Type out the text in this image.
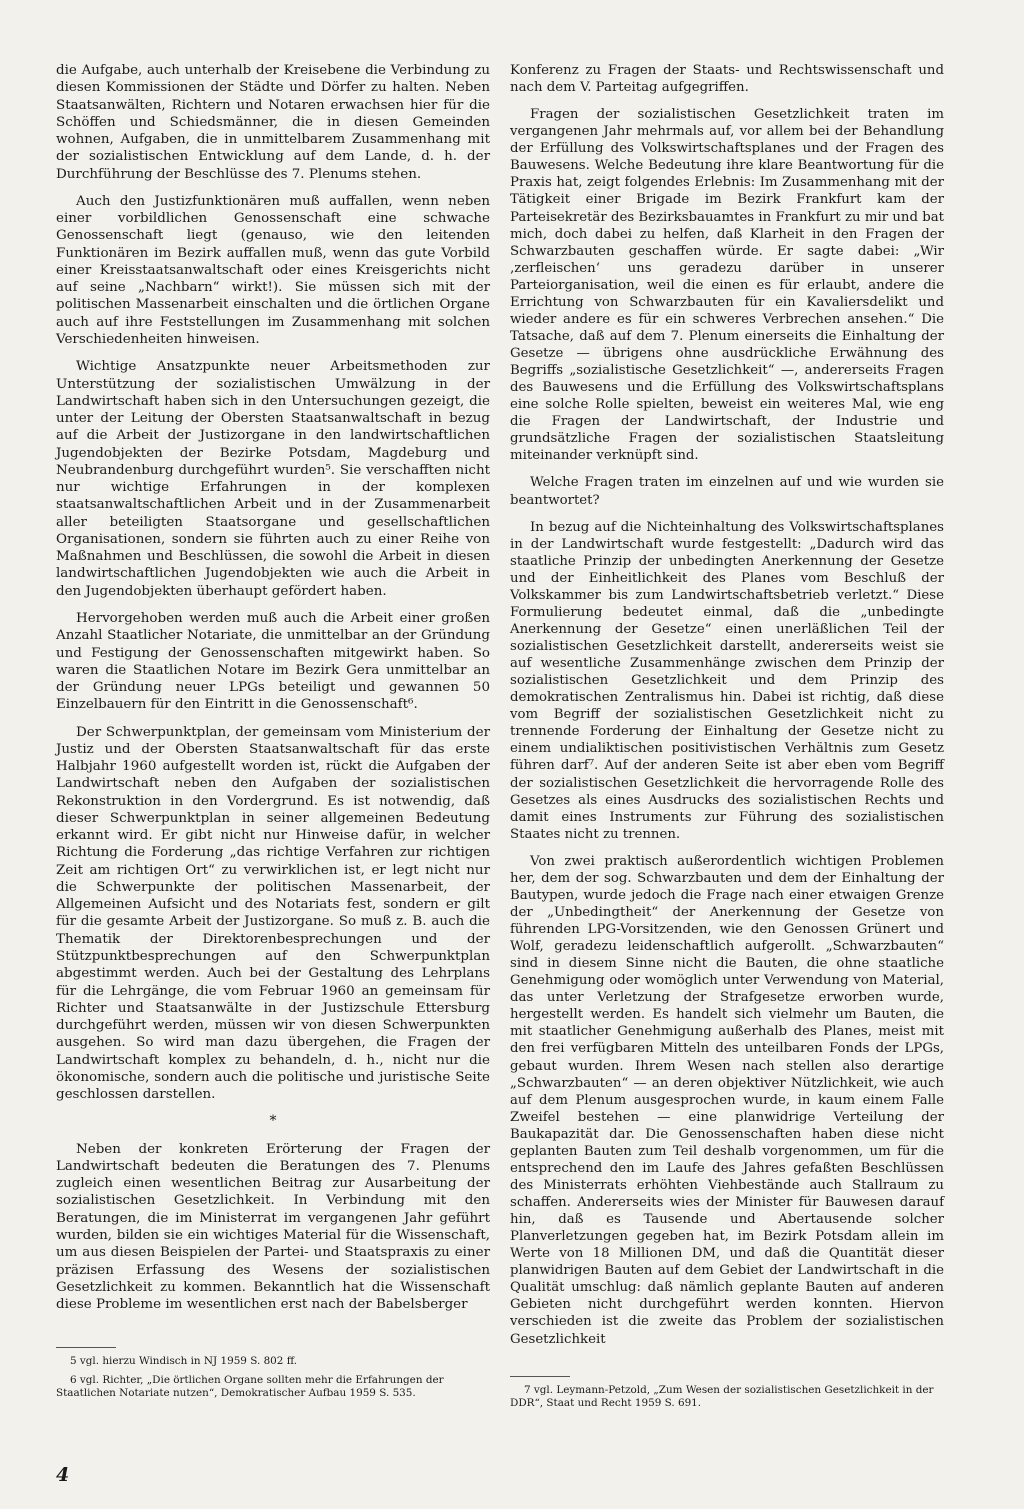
die Aufgabe, auch unterhalb der Kreisebene die Verbindung zu diesen Kommissionen der Städte und Dörfer zu halten. Neben Staatsanwälten, Richtern und Notaren erwachsen hier für die Schöffen und Schiedsmänner, die in diesen Gemeinden wohnen, Aufgaben, die in unmittelbarem Zusammenhang mit der sozialistischen Entwicklung auf dem Lande, d. h. der Durchführung der Beschlüsse des 7. Plenums stehen.

Auch den Justizfunktionären muß auffallen, wenn neben einer vorbildlichen Genossenschaft eine schwache Genossenschaft liegt (genauso, wie den leitenden Funktionären im Bezirk auffallen muß, wenn das gute Vorbild einer Kreisstaatsanwaltschaft oder eines Kreisgerichts nicht auf seine „Nachbarn“ wirkt!). Sie müssen sich mit der politischen Massenarbeit einschalten und die örtlichen Organe auch auf ihre Feststellungen im Zusammenhang mit solchen Verschiedenheiten hinweisen.

Wichtige Ansatzpunkte neuer Arbeitsmethoden zur Unterstützung der sozialistischen Umwälzung in der Landwirtschaft haben sich in den Untersuchungen gezeigt, die unter der Leitung der Obersten Staatsanwaltschaft in bezug auf die Arbeit der Justizorgane in den landwirtschaftlichen Jugendobjekten der Bezirke Potsdam, Magdeburg und Neubrandenburg durchgeführt wurden⁵. Sie verschafften nicht nur wichtige Erfahrungen in der komplexen staatsanwaltschaftlichen Arbeit und in der Zusammenarbeit aller beteiligten Staatsorgane und gesellschaftlichen Organisationen, sondern sie führten auch zu einer Reihe von Maßnahmen und Beschlüssen, die sowohl die Arbeit in diesen landwirtschaftlichen Jugendobjekten wie auch die Arbeit in den Jugendobjekten überhaupt gefördert haben.

Hervorgehoben werden muß auch die Arbeit einer großen Anzahl Staatlicher Notariate, die unmittelbar an der Gründung und Festigung der Genossenschaften mitgewirkt haben. So waren die Staatlichen Notare im Bezirk Gera unmittelbar an der Gründung neuer LPGs beteiligt und gewannen 50 Einzelbauern für den Eintritt in die Genossenschaft⁶.

Der Schwerpunktplan, der gemeinsam vom Ministerium der Justiz und der Obersten Staatsanwaltschaft für das erste Halbjahr 1960 aufgestellt worden ist, rückt die Aufgaben der Landwirtschaft neben den Aufgaben der sozialistischen Rekonstruktion in den Vordergrund. Es ist notwendig, daß dieser Schwerpunktplan in seiner allgemeinen Bedeutung erkannt wird. Er gibt nicht nur Hinweise dafür, in welcher Richtung die Forderung „das richtige Verfahren zur richtigen Zeit am richtigen Ort“ zu verwirklichen ist, er legt nicht nur die Schwerpunkte der politischen Massenarbeit, der Allgemeinen Aufsicht und des Notariats fest, sondern er gilt für die gesamte Arbeit der Justizorgane. So muß z. B. auch die Thematik der Direktorenbesprechungen und der Stützpunktbesprechungen auf den Schwerpunktplan abgestimmt werden. Auch bei der Gestaltung des Lehrplans für die Lehrgänge, die vom Februar 1960 an gemeinsam für Richter und Staatsanwälte in der Justizschule Ettersburg durchgeführt werden, müssen wir von diesen Schwerpunkten ausgehen. So wird man dazu übergehen, die Fragen der Landwirtschaft komplex zu behandeln, d. h., nicht nur die ökonomische, sondern auch die politische und juristische Seite geschlossen darstellen.

*

Neben der konkreten Erörterung der Fragen der Landwirtschaft bedeuten die Beratungen des 7. Plenums zugleich einen wesentlichen Beitrag zur Ausarbeitung der sozialistischen Gesetzlichkeit. In Verbindung mit den Beratungen, die im Ministerrat im vergangenen Jahr geführt wurden, bilden sie ein wichtiges Material für die Wissenschaft, um aus diesen Beispielen der Partei- und Staatspraxis zu einer präzisen Erfassung des Wesens der sozialistischen Gesetzlichkeit zu kommen. Bekanntlich hat die Wissenschaft diese Probleme im wesentlichen erst nach der Babelsberger

Konferenz zu Fragen der Staats- und Rechtswissenschaft und nach dem V. Parteitag aufgegriffen.

Fragen der sozialistischen Gesetzlichkeit traten im vergangenen Jahr mehrmals auf, vor allem bei der Behandlung der Erfüllung des Volkswirtschaftsplanes und der Fragen des Bauwesens. Welche Bedeutung ihre klare Beantwortung für die Praxis hat, zeigt folgendes Erlebnis: Im Zusammenhang mit der Tätigkeit einer Brigade im Bezirk Frankfurt kam der Parteisekretär des Bezirksbauamtes in Frankfurt zu mir und bat mich, doch dabei zu helfen, daß Klarheit in den Fragen der Schwarzbauten geschaffen würde. Er sagte dabei: „Wir ‚zerfleischen‘ uns geradezu darüber in unserer Parteiorganisation, weil die einen es für erlaubt, andere die Errichtung von Schwarzbauten für ein Kavaliersdelikt und wieder andere es für ein schweres Verbrechen ansehen.“ Die Tatsache, daß auf dem 7. Plenum einerseits die Einhaltung der Gesetze — übrigens ohne ausdrückliche Erwähnung des Begriffs „sozialistische Gesetzlichkeit“ —, andererseits Fragen des Bauwesens und die Erfüllung des Volkswirtschaftsplans eine solche Rolle spielten, beweist ein weiteres Mal, wie eng die Fragen der Landwirtschaft, der Industrie und grundsätzliche Fragen der sozialistischen Staatsleitung miteinander verknüpft sind.

Welche Fragen traten im einzelnen auf und wie wurden sie beantwortet?

In bezug auf die Nichteinhaltung des Volkswirtschaftsplanes in der Landwirtschaft wurde festgestellt: „Dadurch wird das staatliche Prinzip der unbedingten Anerkennung der Gesetze und der Einheitlichkeit des Planes vom Beschluß der Volkskammer bis zum Landwirtschaftsbetrieb verletzt.“ Diese Formulierung bedeutet einmal, daß die „unbedingte Anerkennung der Gesetze“ einen unerläßlichen Teil der sozialistischen Gesetzlichkeit darstellt, andererseits weist sie auf wesentliche Zusammenhänge zwischen dem Prinzip der sozialistischen Gesetzlichkeit und dem Prinzip des demokratischen Zentralismus hin. Dabei ist richtig, daß diese vom Begriff der sozialistischen Gesetzlichkeit nicht zu trennende Forderung der Einhaltung der Gesetze nicht zu einem undialiktischen positivistischen Verhältnis zum Gesetz führen darf⁷. Auf der anderen Seite ist aber eben vom Begriff der sozialistischen Gesetzlichkeit die hervorragende Rolle des Gesetzes als eines Ausdrucks des sozialistischen Rechts und damit eines Instruments zur Führung des sozialistischen Staates nicht zu trennen.

Von zwei praktisch außerordentlich wichtigen Problemen her, dem der sog. Schwarzbauten und dem der Einhaltung der Bautypen, wurde jedoch die Frage nach einer etwaigen Grenze der „Unbedingtheit“ der Anerkennung der Gesetze von führenden LPG-Vorsitzenden, wie den Genossen Grünert und Wolf, geradezu leidenschaftlich aufgerollt. „Schwarzbauten“ sind in diesem Sinne nicht die Bauten, die ohne staatliche Genehmigung oder womöglich unter Verwendung von Material, das unter Verletzung der Strafgesetze erworben wurde, hergestellt werden. Es handelt sich vielmehr um Bauten, die mit staatlicher Genehmigung außerhalb des Planes, meist mit den frei verfügbaren Mitteln des unteilbaren Fonds der LPGs, gebaut wurden. Ihrem Wesen nach stellen also derartige „Schwarzbauten“ — an deren objektiver Nützlichkeit, wie auch auf dem Plenum ausgesprochen wurde, in kaum einem Falle Zweifel bestehen — eine planwidrige Verteilung der Baukapazität dar. Die Genossenschaften haben diese nicht geplanten Bauten zum Teil deshalb vorgenommen, um für die entsprechend den im Laufe des Jahres gefaßten Beschlüssen des Ministerrats erhöhten Viehbestände auch Stallraum zu schaffen. Andererseits wies der Minister für Bauwesen darauf hin, daß es Tausende und Abertausende solcher Planverletzungen gegeben hat, im Bezirk Potsdam allein im Werte von 18 Millionen DM, und daß die Quantität dieser planwidrigen Bauten auf dem Gebiet der Landwirtschaft in die Qualität umschlug: daß nämlich geplante Bauten auf anderen Gebieten nicht durchgeführt werden konnten. Hiervon verschieden ist die zweite das Problem der sozialistischen Gesetzlichkeit

5 vgl. hierzu Windisch in NJ 1959 S. 802 ff.

6 vgl. Richter, „Die örtlichen Organe sollten mehr die Erfahrungen der Staatlichen Notariate nutzen“, Demokratischer Aufbau 1959 S. 535.	7 vgl. Leymann-Petzold, „Zum Wesen der sozialistischen Gesetzlichkeit in der DDR“, Staat und Recht 1959 S. 691.

4
